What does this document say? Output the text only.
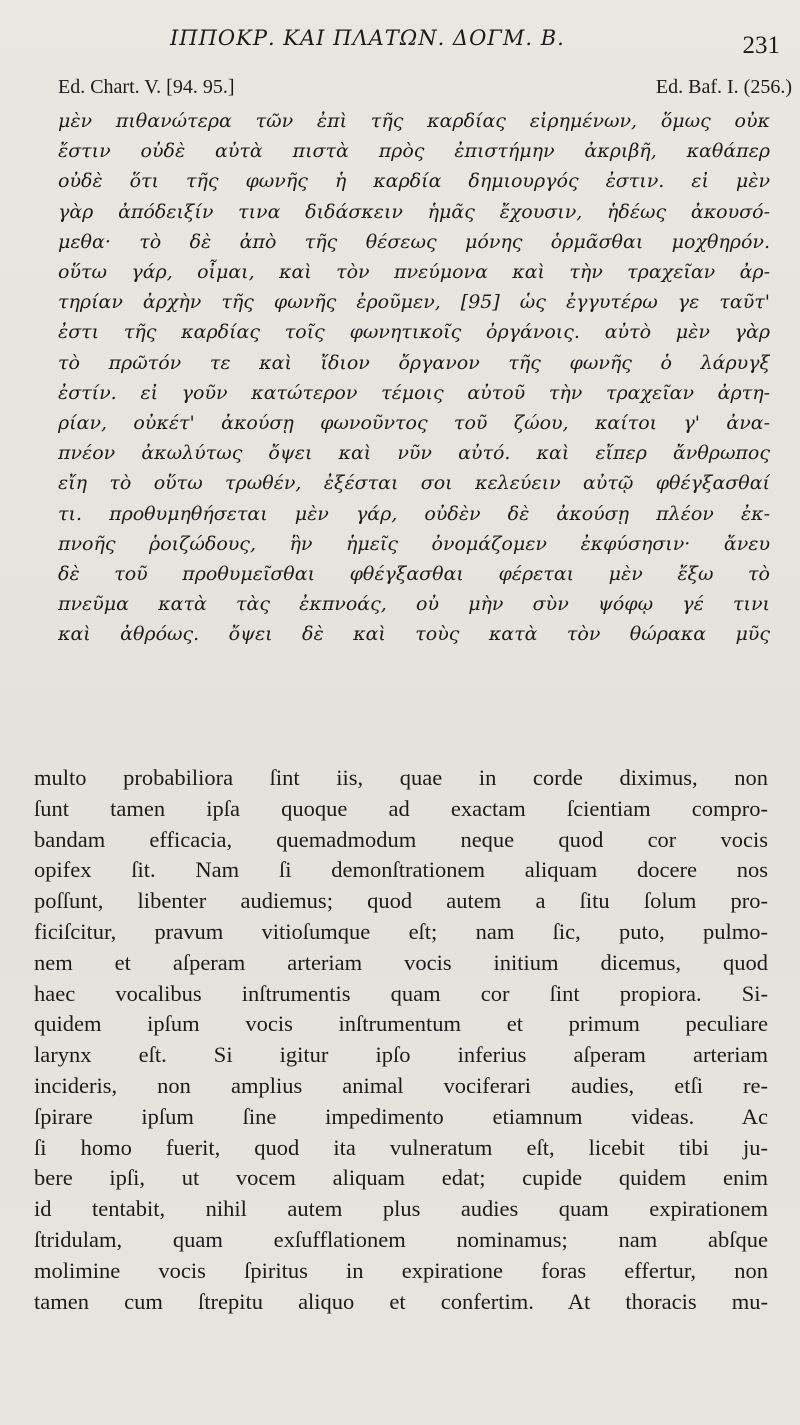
ΙΠΠΟΚΡ. ΚΑΙ ΠΛΑΤΩΝ. ΔΟΓΜ. Β.	231
Ed. Chart. V. [94. 95.]	Ed. Baf. I. (256.)
μὲν πιθανώτερα τῶν ἐπὶ τῆς καρδίας εἰρημένων, ὅμως οὐκ
ἔστιν οὐδὲ αὐτὰ πιστὰ πρὸς ἐπιστήμην ἀκριβῆ, καθάπερ
οὐδὲ ὅτι τῆς φωνῆς ἡ καρδία δημιουργός ἐστιν. εἰ μὲν
γὰρ ἀπόδειξίν τινα διδάσκειν ἡμᾶς ἔχουσιν, ἡδέως ἀκουσό-
μεθα· τὸ δὲ ἀπὸ τῆς θέσεως μόνης ὁρμᾶσθαι μοχθηρόν.
οὕτω γάρ, οἶμαι, καὶ τὸν πνεύμονα καὶ τὴν τραχεῖαν ἀρ-
τηρίαν ἀρχὴν τῆς φωνῆς ἐροῦμεν, [95] ὡς ἐγγυτέρω γε ταῦτ'
ἐστι τῆς καρδίας τοῖς φωνητικοῖς ὀργάνοις. αὐτὸ μὲν γὰρ
τὸ πρῶτόν τε καὶ ἴδιον ὄργανον τῆς φωνῆς ὁ λάρυγξ
ἐστίν. εἰ γοῦν κατώτερον τέμοις αὐτοῦ τὴν τραχεῖαν ἀρτη-
ρίαν, οὐκέτ' ἀκούσῃ φωνοῦντος τοῦ ζώου, καίτοι γ' ἀνα-
πνέον ἀκωλύτως ὄψει καὶ νῦν αὐτό. καὶ εἴπερ ἄνθρωπος
εἴη τὸ οὕτω τρωθέν, ἐξέσται σοι κελεύειν αὐτῷ φθέγξασθαί
τι. προθυμηθήσεται μὲν γάρ, οὐδὲν δὲ ἀκούσῃ πλέον ἐκ-
πνοῆς ῥοιζώδους, ἣν ἡμεῖς ὀνομάζομεν ἐκφύσησιν· ἄνευ
δὲ τοῦ προθυμεῖσθαι φθέγξασθαι φέρεται μὲν ἔξω τὸ
πνεῦμα κατὰ τὰς ἐκπνοάς, οὐ μὴν σὺν ψόφῳ γέ τινι
καὶ ἀθρόως. ὄψει δὲ καὶ τοὺς κατὰ τὸν θώρακα μῦς
multo probabiliora ſint iis, quae in corde diximus, non
ſunt tamen ipſa quoque ad exactam ſcientiam compro-
bandam efficacia, quemadmodum neque quod cor vocis
opifex ſit. Nam ſi demonſtrationem aliquam docere nos
poſſunt, libenter audiemus; quod autem a ſitu ſolum pro-
ficiſcitur, pravum vitioſumque eſt; nam ſic, puto, pulmo-
nem et aſperam arteriam vocis initium dicemus, quod
haec vocalibus inſtrumentis quam cor ſint propiora. Si-
quidem ipſum vocis inſtrumentum et primum peculiare
larynx eſt. Si igitur ipſo inferius aſperam arteriam
incideris, non amplius animal vociferari audies, etſi re-
ſpirare ipſum ſine impedimento etiamnum videas. Ac
ſi homo fuerit, quod ita vulneratum eſt, licebit tibi ju-
bere ipſi, ut vocem aliquam edat; cupide quidem enim
id tentabit, nihil autem plus audies quam expirationem
ſtridulam, quam exſufflationem nominamus; nam abſque
molimine vocis ſpiritus in expiratione foras effertur, non
tamen cum ſtrepitu aliquo et confertim. At thoracis mu-
